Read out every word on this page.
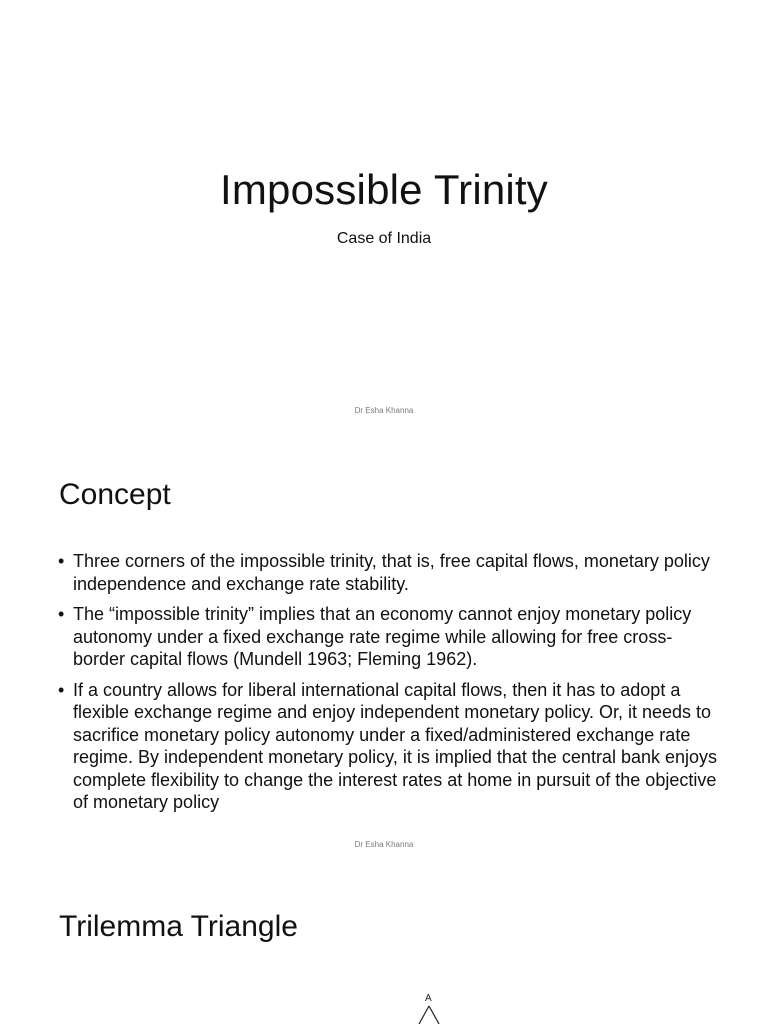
Impossible Trinity
Case of India
Dr Esha Khanna
Concept
• Three corners of the impossible trinity, that is, free capital flows, monetary policy independence and exchange rate stability.
• The “impossible trinity” implies that an economy cannot enjoy monetary policy autonomy under a fixed exchange rate regime while allowing for free cross-border capital flows (Mundell 1963; Fleming 1962).
• If a country allows for liberal international capital flows, then it has to adopt a flexible exchange regime and enjoy independent monetary policy. Or, it needs to sacrifice monetary policy autonomy under a fixed/administered exchange rate regime. By independent monetary policy, it is implied that the central bank enjoys complete flexibility to change the interest rates at home in pursuit of the objective of monetary policy
Dr Esha Khanna
Trilemma Triangle
A
